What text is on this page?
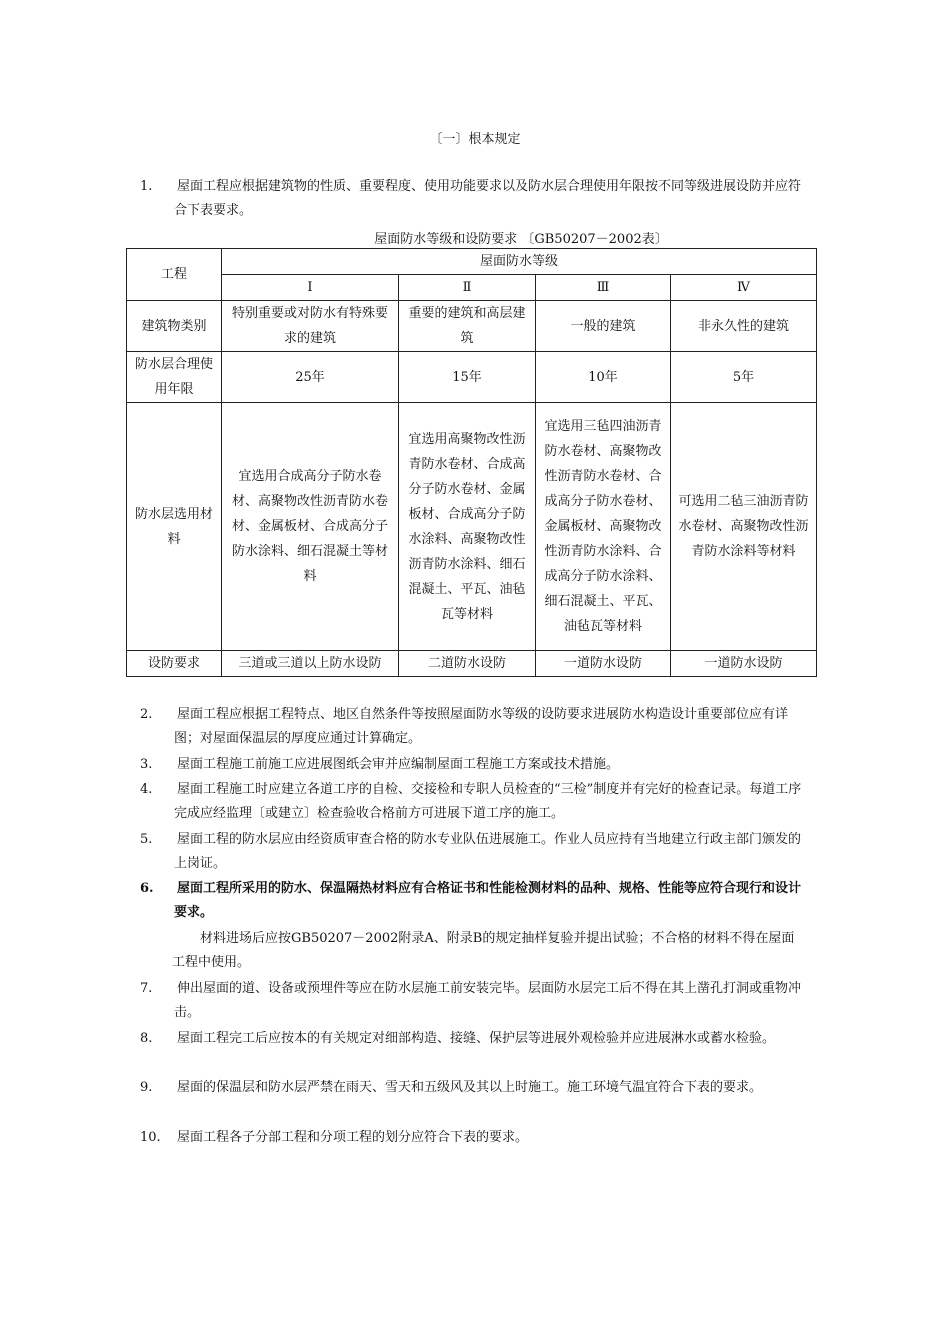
〔一〕根本规定
1.	屋面工程应根据建筑物的性质、重要程度、使用功能要求以及防水层合理使用年限按不同等级进展设防并应符合下表要求。
屋面防水等级和设防要求 〔GB50207－2002表〕
工程	屋面防水等级			
	Ⅰ	Ⅱ	Ⅲ	Ⅳ
建筑物类别	特别重要或对防水有特殊要求的建筑	重要的建筑和高层建筑	一般的建筑	非永久性的建筑
防水层合理使用年限	25年	15年	10年	5年
防水层选用材料	宜选用合成高分子防水卷材、高聚物改性沥青防水卷材、金属板材、合成高分子防水涂料、细石混凝土等材料	宜选用高聚物改性沥青防水卷材、合成高分子防水卷材、金属板材、合成高分子防水涂料、高聚物改性沥青防水涂料、细石混凝土、平瓦、油毡瓦等材料	宜选用三毡四油沥青防水卷材、高聚物改性沥青防水卷材、合成高分子防水卷材、金属板材、高聚物改性沥青防水涂料、合成高分子防水涂料、细石混凝土、平瓦、油毡瓦等材料	可选用二毡三油沥青防水卷材、高聚物改性沥青防水涂料等材料
设防要求	三道或三道以上防水设防	二道防水设防	一道防水设防	一道防水设防
2.	屋面工程应根据工程特点、地区自然条件等按照屋面防水等级的设防要求进展防水构造设计重要部位应有详图；对屋面保温层的厚度应通过计算确定。
3.	屋面工程施工前施工应进展图纸会审并应编制屋面工程施工方案或技术措施。
4.	屋面工程施工时应建立各道工序的自检、交接检和专职人员检查的“三检”制度并有完好的检查记录。每道工序完成应经监理〔或建立〕检查验收合格前方可进展下道工序的施工。
5.	屋面工程的防水层应由经资质审查合格的防水专业队伍进展施工。作业人员应持有当地建立行政主部门颁发的上岗证。
6.	屋面工程所采用的防水、保温隔热材料应有合格证书和性能检测材料的品种、规格、性能等应符合现行和设计要求。
材料进场后应按GB50207－2002附录A、附录B的规定抽样复验并提出试验；不合格的材料不得在屋面工程中使用。
7.	伸出屋面的道、设备或预埋件等应在防水层施工前安装完毕。层面防水层完工后不得在其上凿孔打洞或重物冲击。
8.	屋面工程完工后应按本的有关规定对细部构造、接缝、保护层等进展外观检验并应进展淋水或蓄水检验。
9.	屋面的保温层和防水层严禁在雨天、雪天和五级风及其以上时施工。施工环境气温宜符合下表的要求。
10.	屋面工程各子分部工程和分项工程的划分应符合下表的要求。
